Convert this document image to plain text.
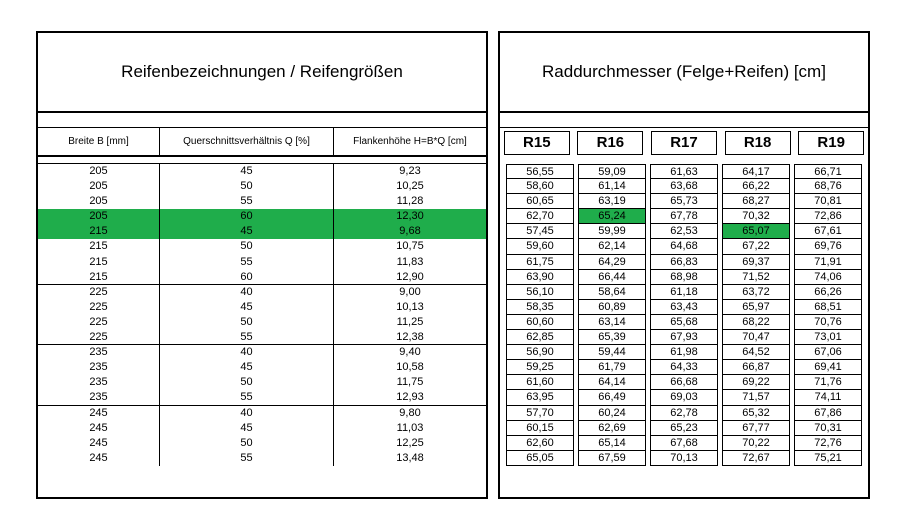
Reifenbezeichnungen / Reifengrößen
Breite B [mm]	Querschnittsverhältnis Q [%]	Flankenhöhe H=B*Q [cm]
205	45	9,23
205	50	10,25
205	55	11,28
205	60	12,30
215	45	9,68
215	50	10,75
215	55	11,83
215	60	12,90
225	40	9,00
225	45	10,13
225	50	11,25
225	55	12,38
235	40	9,40
235	45	10,58
235	50	11,75
235	55	12,93
245	40	9,80
245	45	11,03
245	50	12,25
245	55	13,48
Raddurchmesser (Felge+Reifen) [cm]
R15	R16	R17	R18	R19
56,55	59,09	61,63	64,17	66,71
58,60	61,14	63,68	66,22	68,76
60,65	63,19	65,73	68,27	70,81
62,70	65,24	67,78	70,32	72,86
57,45	59,99	62,53	65,07	67,61
59,60	62,14	64,68	67,22	69,76
61,75	64,29	66,83	69,37	71,91
63,90	66,44	68,98	71,52	74,06
56,10	58,64	61,18	63,72	66,26
58,35	60,89	63,43	65,97	68,51
60,60	63,14	65,68	68,22	70,76
62,85	65,39	67,93	70,47	73,01
56,90	59,44	61,98	64,52	67,06
59,25	61,79	64,33	66,87	69,41
61,60	64,14	66,68	69,22	71,76
63,95	66,49	69,03	71,57	74,11
57,70	60,24	62,78	65,32	67,86
60,15	62,69	65,23	67,77	70,31
62,60	65,14	67,68	70,22	72,76
65,05	67,59	70,13	72,67	75,21
